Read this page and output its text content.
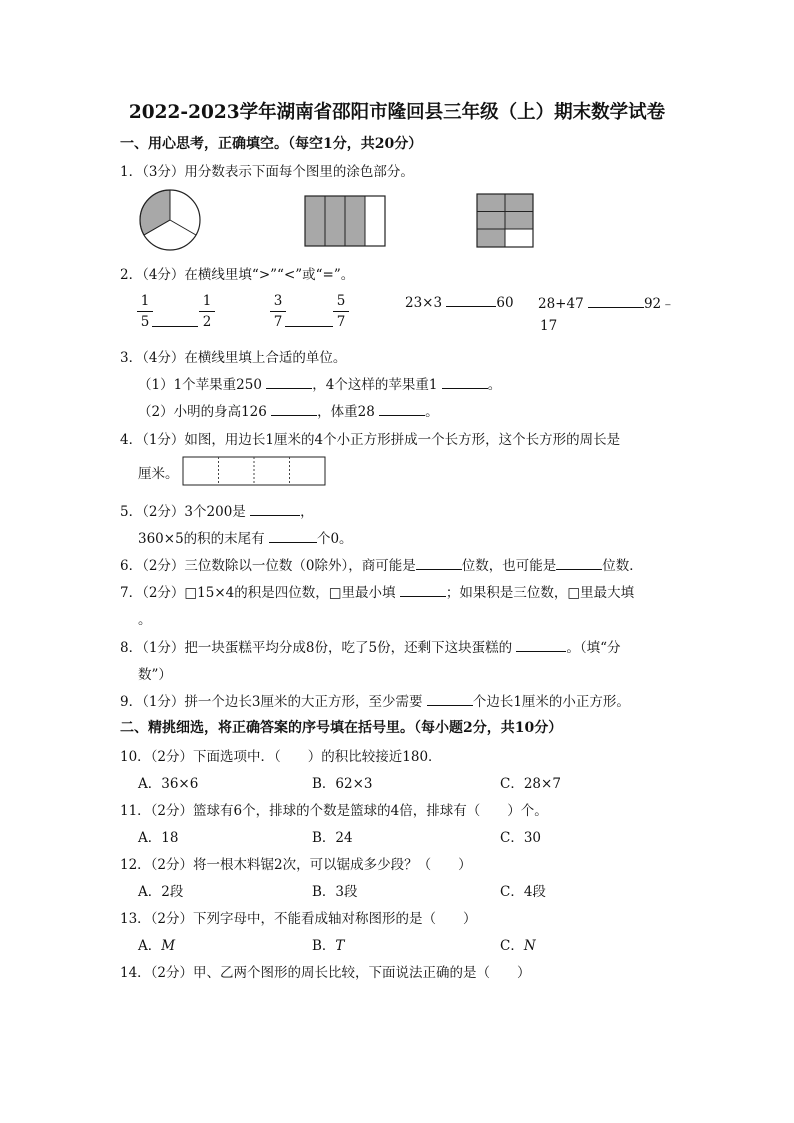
2022-2023学年湖南省邵阳市隆回县三年级（上）期末数学试卷
一、用心思考，正确填空。（每空1分，共20分）
1．（3分）用分数表示下面每个图里的涂色部分。
2．（4分）在横线里填“>”“<”或“=”。
1
5
1
2
3
7
5
7
23×3	60 28+47	92﹣
17
3．（4分）在横线里填上合适的单位。
（1）1个苹果重250	，4个这样的苹果重1	。
（2）小明的身高126	，体重28	。
4．（1分）如图，用边长1厘米的4个小正方形拼成一个长方形，这个长方形的周长是
厘米。
5．（2分）3个200是	，
360×5的积的末尾有	个0。
6．（2分）三位数除以一位数（0除外），商可能是	位数，也可能是	位数．
7．（2分）□15×4的积是四位数，□里最小填	；如果积是三位数，□里最大填
。
8．（1分）把一块蛋糕平均分成8份，吃了5份，还剩下这块蛋糕的	。（填“分
数”）
9．（1分）拼一个边长3厘米的大正方形，至少需要	个边长1厘米的小正方形。
二、精挑细选，将正确答案的序号填在括号里。（每小题2分，共10分）
10．（2分）下面选项中．（　　）的积比较接近180．
A．36×6	B．62×3	C．28×7
11．（2分）篮球有6个，排球的个数是篮球的4倍，排球有（　　）个。
A．18	B．24	C．30
12．（2分）将一根木料锯2次，可以锯成多少段？（　　）
A．2段	B．3段	C．4段
13．（2分）下列字母中，不能看成轴对称图形的是（　　）
A．M	B．T	C．N
14．（2分）甲、乙两个图形的周长比较，下面说法正确的是（　　）
